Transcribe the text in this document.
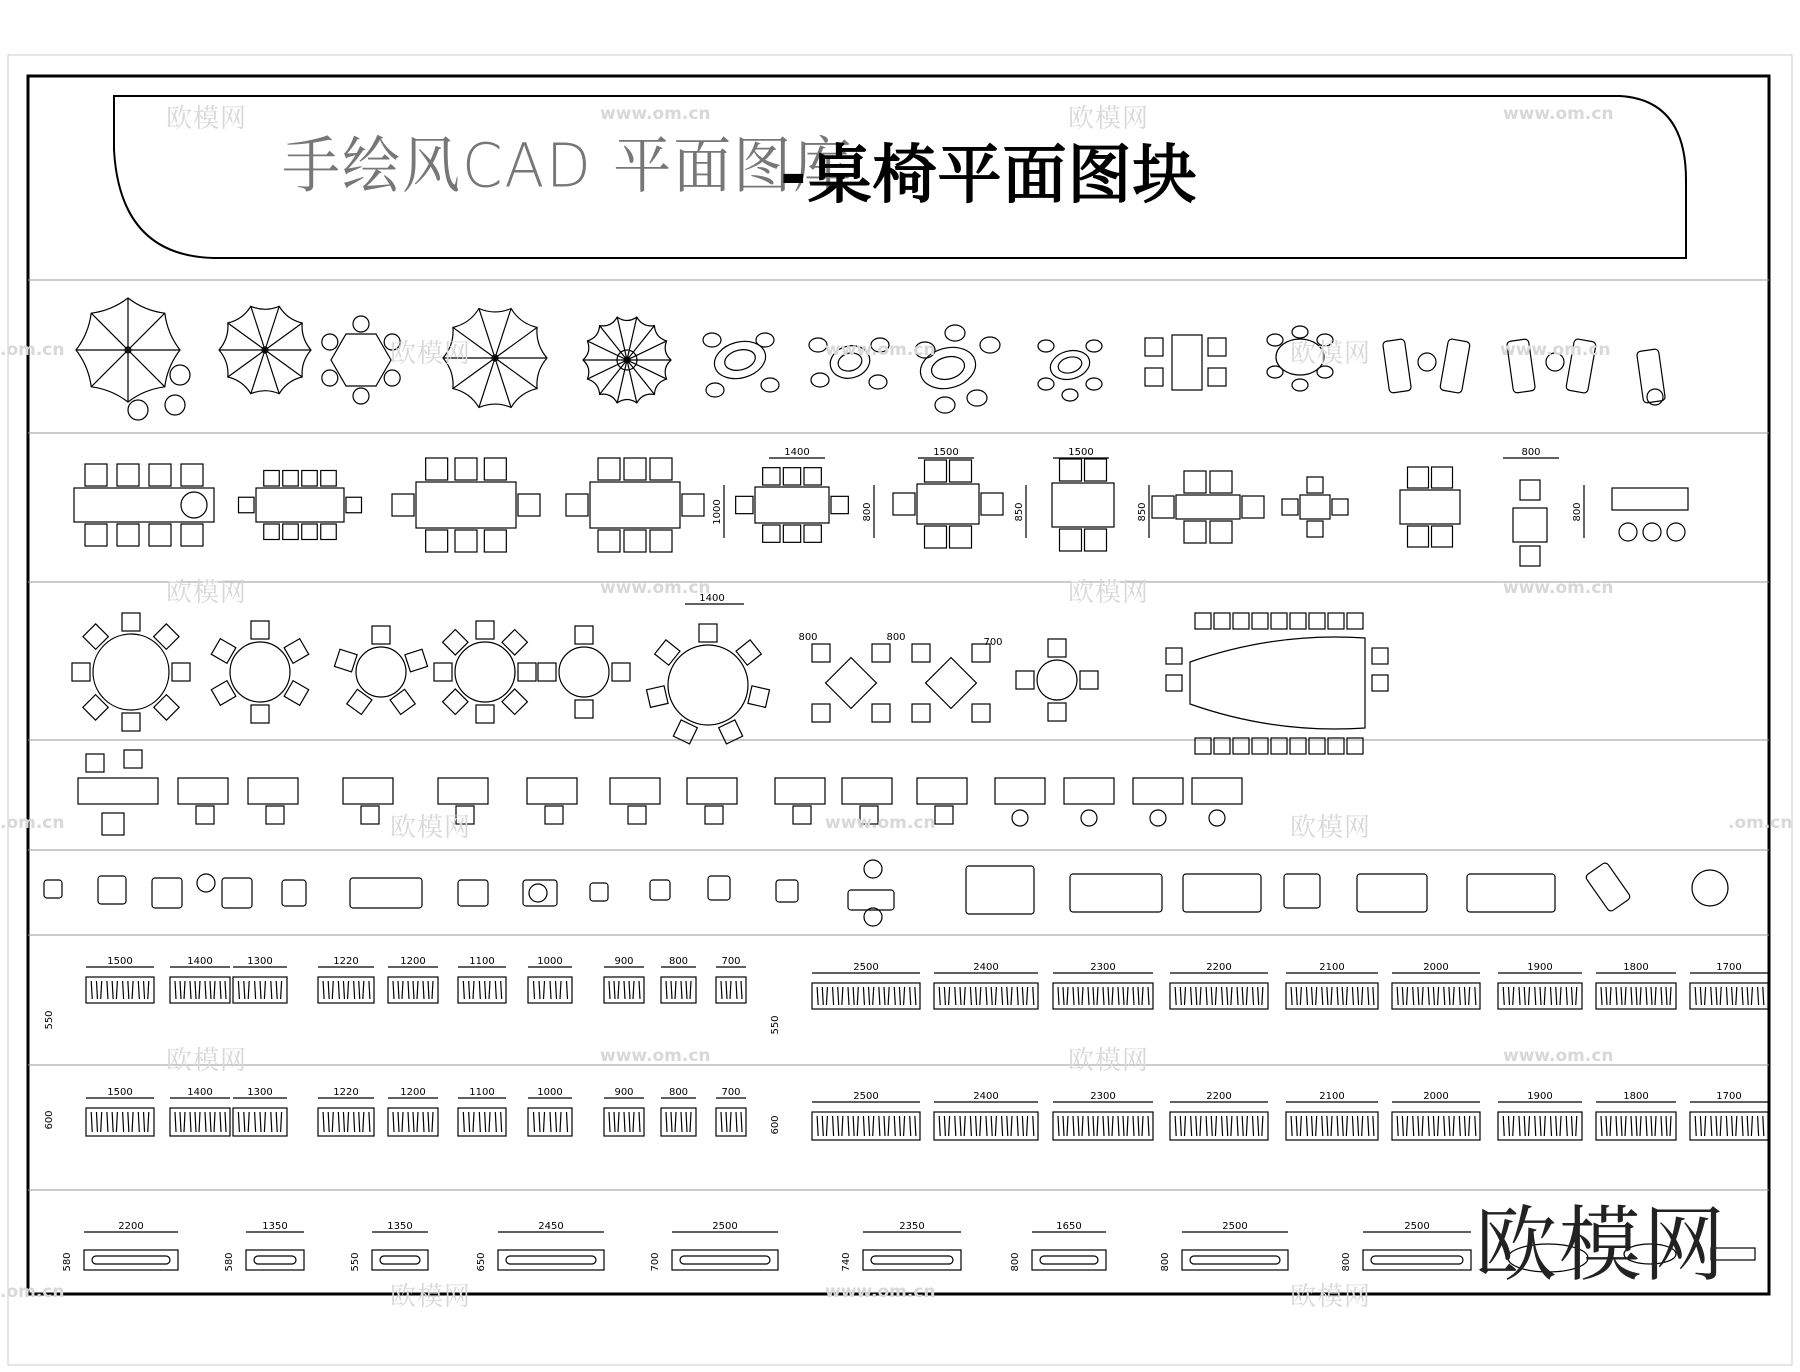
1400	1500	1500	800
1000	800	850	850	800
1400
800	800	700
1500	1400	1300	1220	1200	1100	1000	900	800	700
2500	2400	2300	2200	2100	2000	1900	1800	1700
550	550
1500	1400	1300	1220	1200	1100	1000	900	800	700	2500	2400	2300	2200	2100	2000	1900	1800	1700
600	600
2200
580
1350
580
1350
550
2450
650
2500
700
2350
740
1650
800
2500
800
2500
800
欧模网	www.om.cn	欧模网	www.om.cn
.om.cn	欧模网	www.om.cn	欧模网	www.om.cn
欧模网	www.om.cn	欧模网	www.om.cn
.om.cn	欧模网	www.om.cn	欧模网	.om.cn
欧模网	www.om.cn	欧模网	www.om.cn
.om.cn	欧模网	www.om.cn	欧模网
手绘风CAD 平面图库
-桌椅平面图块
欧模网
